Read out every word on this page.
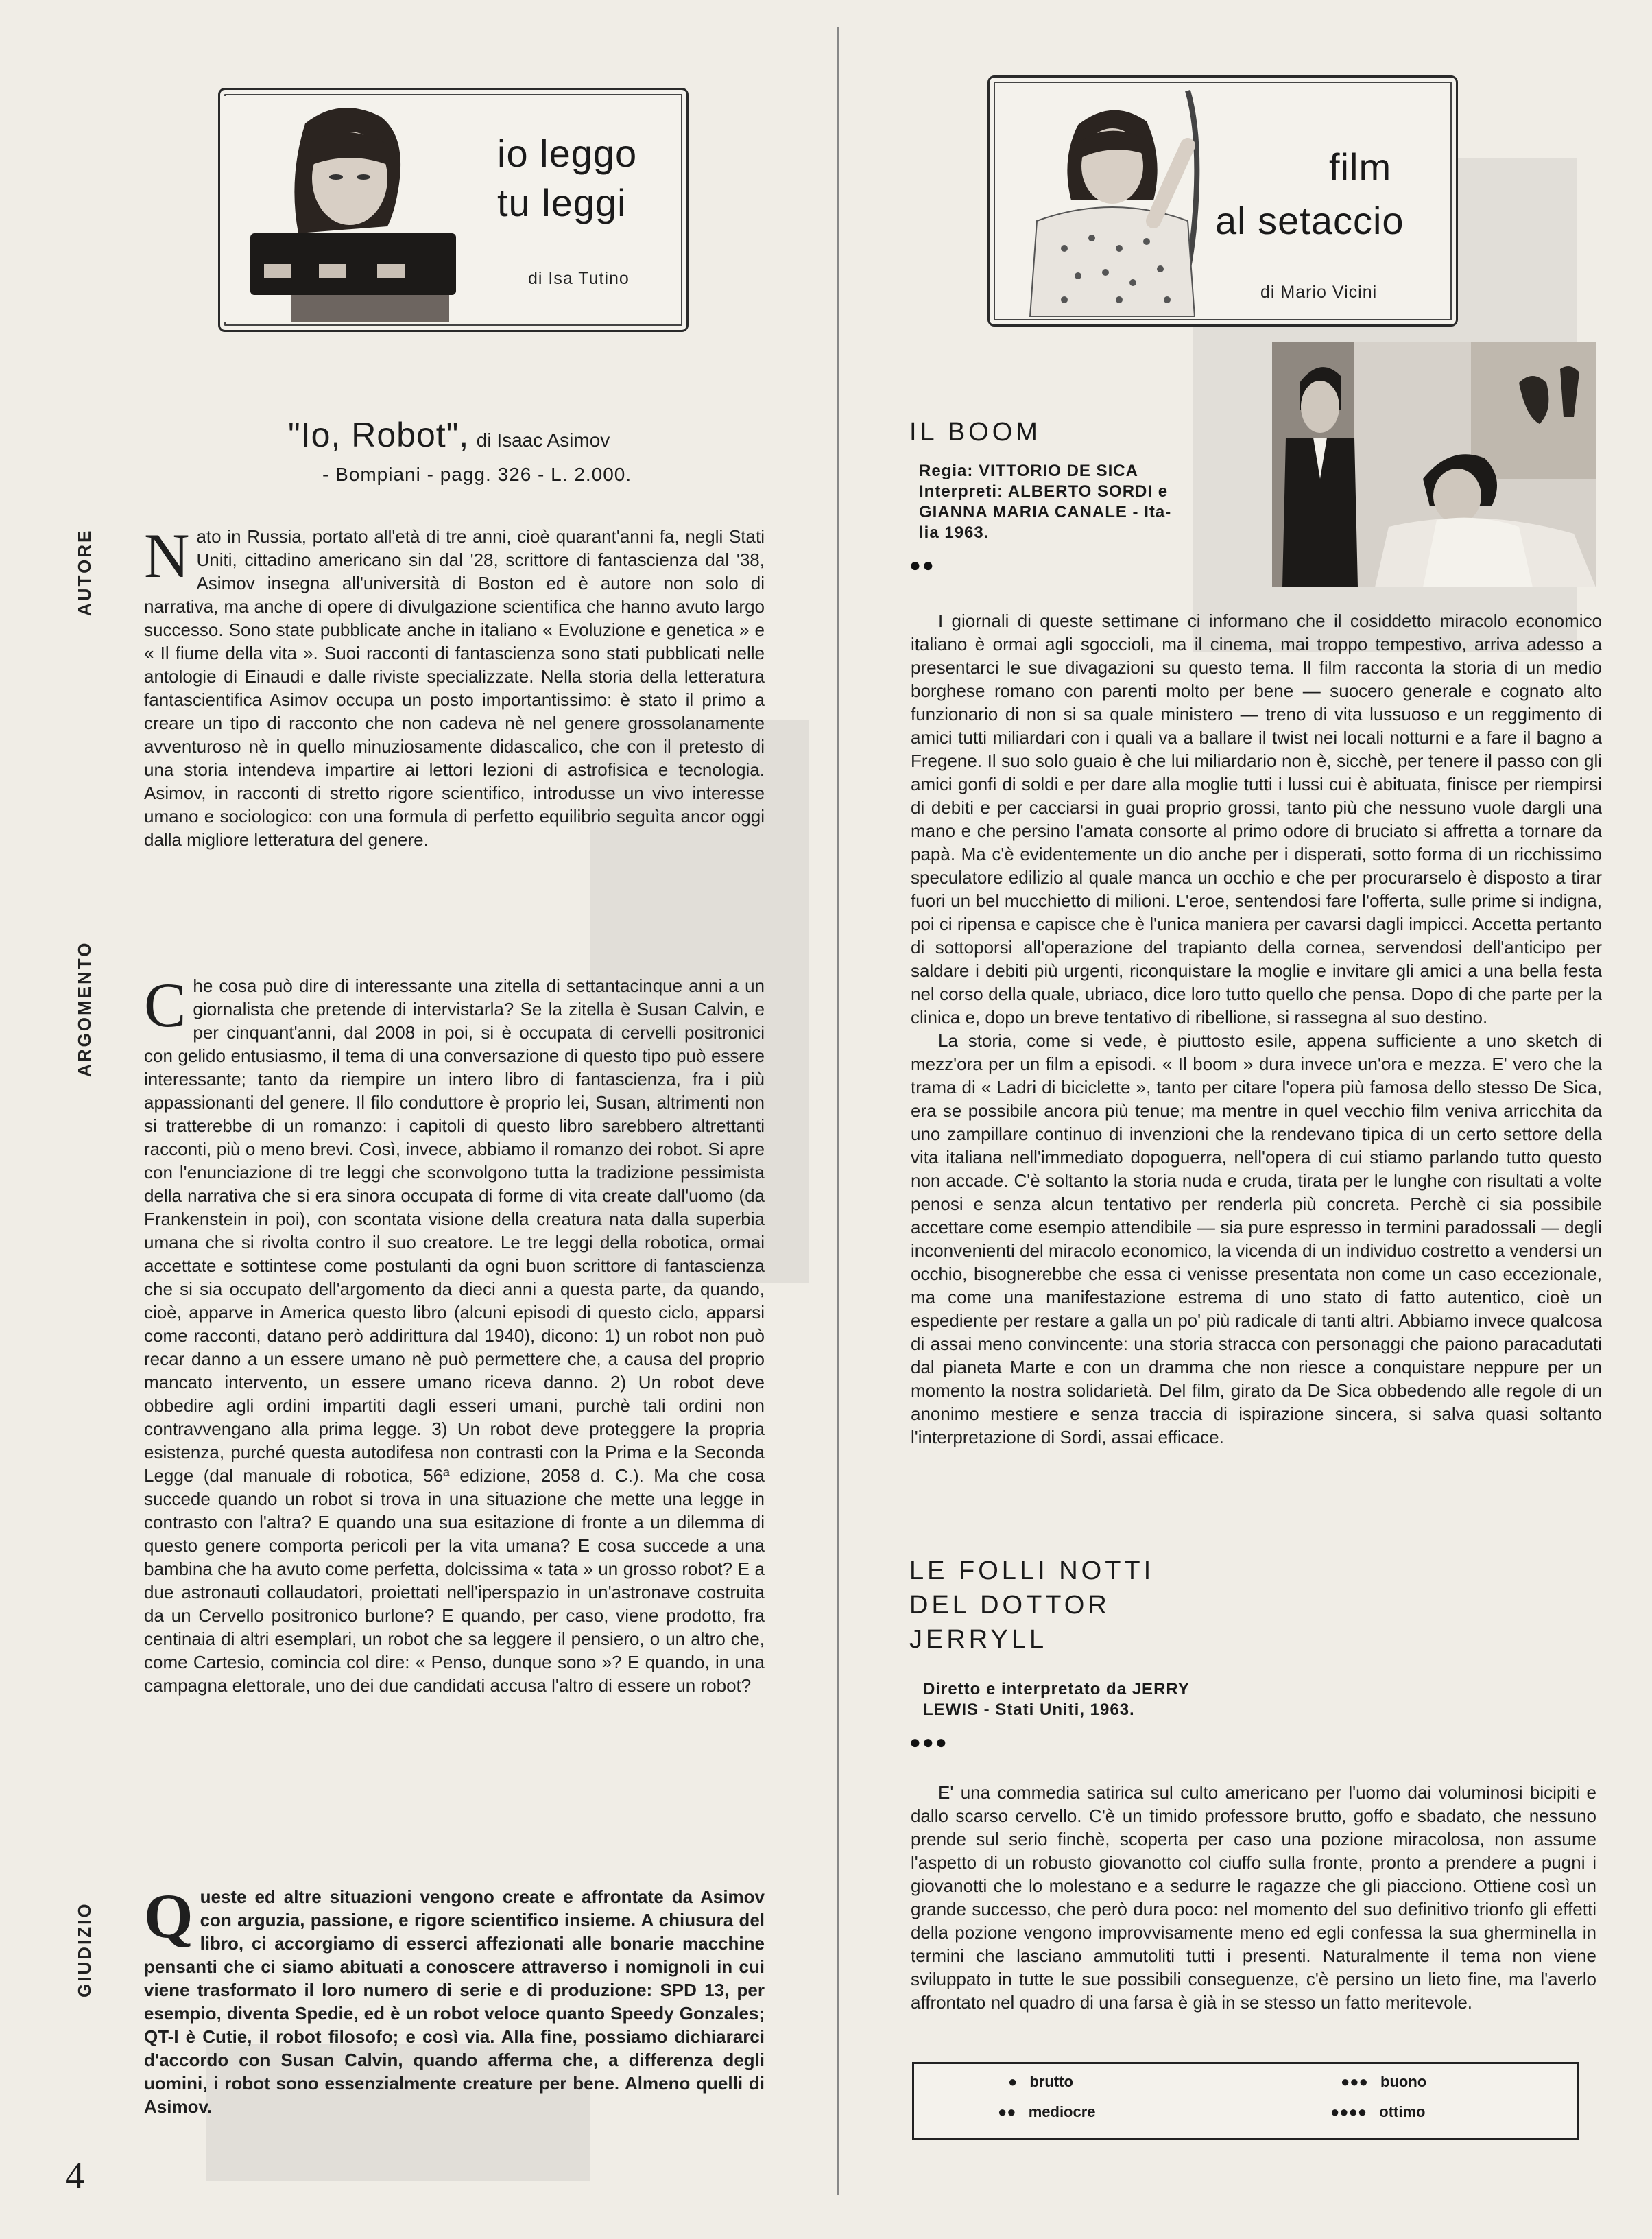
io leggo
tu leggi
di Isa Tutino
"Io, Robot", di Isaac Asimov
- Bompiani - pagg. 326 - L. 2.000.
AUTORE
ARGOMENTO
GIUDIZIO

N ato in Russia, portato all'età di tre anni, cioè quarant'anni fa, negli Stati Uniti, cittadino americano sin dal '28, scrittore di fantascienza dal '38, Asimov insegna all'università di Boston ed è autore non solo di narrativa, ma anche di opere di divulgazione scientifica che hanno avuto largo successo. Sono state pubblicate anche in italiano « Evoluzione e genetica » e « Il fiume della vita ». Suoi racconti di fantascienza sono stati pubblicati nelle antologie di Einaudi e dalle riviste specializzate. Nella storia della letteratura fantascientifica Asimov occupa un posto importantissimo: è stato il primo a creare un tipo di racconto che non cadeva nè nel genere grossolanamente avventuroso nè in quello minuziosamente didascalico, che con il pretesto di una storia intendeva impartire ai lettori lezioni di astrofisica e tecnologia. Asimov, in racconti di stretto rigore scientifico, introdusse un vivo interesse umano e sociologico: con una formula di perfetto equilibrio seguìta ancor oggi dalla migliore letteratura del genere.

C he cosa può dire di interessante una zitella di settantacinque anni a un giornalista che pretende di intervistarla? Se la zitella è Susan Calvin, e per cinquant'anni, dal 2008 in poi, si è occupata di cervelli positronici con gelido entusiasmo, il tema di una conversazione di questo tipo può essere interessante; tanto da riempire un intero libro di fantascienza, fra i più appassionanti del genere. Il filo conduttore è proprio lei, Susan, altrimenti non si tratterebbe di un romanzo: i capitoli di questo libro sarebbero altrettanti racconti, più o meno brevi. Così, invece, abbiamo il romanzo dei robot. Si apre con l'enunciazione di tre leggi che sconvolgono tutta la tradizione pessimista della narrativa che si era sinora occupata di forme di vita create dall'uomo (da Frankenstein in poi), con scontata visione della creatura nata dalla superbia umana che si rivolta contro il suo creatore. Le tre leggi della robotica, ormai accettate e sottintese come postulanti da ogni buon scrittore di fantascienza che si sia occupato dell'argomento da dieci anni a questa parte, da quando, cioè, apparve in America questo libro (alcuni episodi di questo ciclo, apparsi come racconti, datano però addirittura dal 1940), dicono: 1) un robot non può recar danno a un essere umano nè può permettere che, a causa del proprio mancato intervento, un essere umano riceva danno. 2) Un robot deve obbedire agli ordini impartiti dagli esseri umani, purchè tali ordini non contravvengano alla prima legge. 3) Un robot deve proteggere la propria esistenza, purché questa autodifesa non contrasti con la Prima e la Seconda Legge (dal manuale di robotica, 56ª edizione, 2058 d. C.). Ma che cosa succede quando un robot si trova in una situazione che mette una legge in contrasto con l'altra? E quando una sua esitazione di fronte a un dilemma di questo genere comporta pericoli per la vita umana? E cosa succede a una bambina che ha avuto come perfetta, dolcissima « tata » un grosso robot? E a due astronauti collaudatori, proiettati nell'iperspazio in un'astronave costruita da un Cervello positronico burlone? E quando, per caso, viene prodotto, fra centinaia di altri esemplari, un robot che sa leggere il pensiero, o un altro che, come Cartesio, comincia col dire: « Penso, dunque sono »? E quando, in una campagna elettorale, uno dei due candidati accusa l'altro di essere un robot?

Q ueste ed altre situazioni vengono create e affrontate da Asimov con arguzia, passione, e rigore scientifico insieme. A chiusura del libro, ci accorgiamo di esserci affezionati alle bonarie macchine pensanti che ci siamo abituati a conoscere attraverso i nomignoli in cui viene trasformato il loro numero di serie e di produzione: SPD 13, per esempio, diventa Spedie, ed è un robot veloce quanto Speedy Gonzales; QT-I è Cutie, il robot filosofo; e così via. Alla fine, possiamo dichiararci d'accordo con Susan Calvin, quando afferma che, a differenza degli uomini, i robot sono essenzialmente creature per bene. Almeno quelli di Asimov.

4
film
al setaccio
di Mario Vicini
IL BOOM
Regia: VITTORIO DE SICA
Interpreti: ALBERTO SORDI e
GIANNA MARIA CANALE - Ita-
lia 1963.
●●

I giornali di queste settimane ci informano che il cosiddetto miracolo economico italiano è ormai agli sgoccioli, ma il cinema, mai troppo tempestivo, arriva adesso a presentarci le sue divagazioni su questo tema. Il film racconta la storia di un medio borghese romano con parenti molto per bene — suocero generale e cognato alto funzionario di non si sa quale ministero — treno di vita lussuoso e un reggimento di amici tutti miliardari con i quali va a ballare il twist nei locali notturni e a fare il bagno a Fregene. Il suo solo guaio è che lui miliardario non è, sicchè, per tenere il passo con gli amici gonfi di soldi e per dare alla moglie tutti i lussi cui è abituata, finisce per riempirsi di debiti e per cacciarsi in guai proprio grossi, tanto più che nessuno vuole dargli una mano e che persino l'amata consorte al primo odore di bruciato si affretta a tornare da papà. Ma c'è evidentemente un dio anche per i disperati, sotto forma di un ricchissimo speculatore edilizio al quale manca un occhio e che per procurarselo è disposto a tirar fuori un bel mucchietto di milioni. L'eroe, sentendosi fare l'offerta, sulle prime si indigna, poi ci ripensa e capisce che è l'unica maniera per cavarsi dagli impicci. Accetta pertanto di sottoporsi all'operazione del trapianto della cornea, servendosi dell'anticipo per saldare i debiti più urgenti, riconquistare la moglie e invitare gli amici a una bella festa nel corso della quale, ubriaco, dice loro tutto quello che pensa. Dopo di che parte per la clinica e, dopo un breve tentativo di ribellione, si rassegna al suo destino.

La storia, come si vede, è piuttosto esile, appena sufficiente a uno sketch di mezz'ora per un film a episodi. « Il boom » dura invece un'ora e mezza. E' vero che la trama di « Ladri di biciclette », tanto per citare l'opera più famosa dello stesso De Sica, era se possibile ancora più tenue; ma mentre in quel vecchio film veniva arricchita da uno zampillare continuo di invenzioni che la rendevano tipica di un certo settore della vita italiana nell'immediato dopoguerra, nell'opera di cui stiamo parlando tutto questo non accade. C'è soltanto la storia nuda e cruda, tirata per le lunghe con risultati a volte penosi e senza alcun tentativo per renderla più concreta. Perchè ci sia possibile accettare come esempio attendibile — sia pure espresso in termini paradossali — degli inconvenienti del miracolo economico, la vicenda di un individuo costretto a vendersi un occhio, bisognerebbe che essa ci venisse presentata non come un caso eccezionale, ma come una manifestazione estrema di uno stato di fatto autentico, cioè un espediente per restare a galla un po' più radicale di tanti altri. Abbiamo invece qualcosa di assai meno convincente: una storia stracca con personaggi che paiono paracadutati dal pianeta Marte e con un dramma che non riesce a conquistare neppure per un momento la nostra solidarietà. Del film, girato da De Sica obbedendo alle regole di un anonimo mestiere e senza traccia di ispirazione sincera, si salva quasi soltanto l'interpretazione di Sordi, assai efficace.

LE FOLLI NOTTI
DEL DOTTOR
JERRYLL
Diretto e interpretato da JERRY
LEWIS - Stati Uniti, 1963.
●●●

E' una commedia satirica sul culto americano per l'uomo dai voluminosi bicipiti e dallo scarso cervello. C'è un timido professore brutto, goffo e sbadato, che nessuno prende sul serio finchè, scoperta per caso una pozione miracolosa, non assume l'aspetto di un robusto giovanotto col ciuffo sulla fronte, pronto a prendere a pugni i giovanotti che lo molestano e a sedurre le ragazze che gli piacciono. Ottiene così un grande successo, che però dura poco: nel momento del suo definitivo trionfo gli effetti della pozione vengono improvvisamente meno ed egli confessa la sua gherminella in termini che lasciano ammutoliti tutti i presenti. Naturalmente il tema non viene sviluppato in tutte le sue possibili conseguenze, c'è persino un lieto fine, ma l'averlo affrontato nel quadro di una farsa è già in se stesso un fatto meritevole.

● brutto
●● mediocre
●●● buono
●●●● ottimo
